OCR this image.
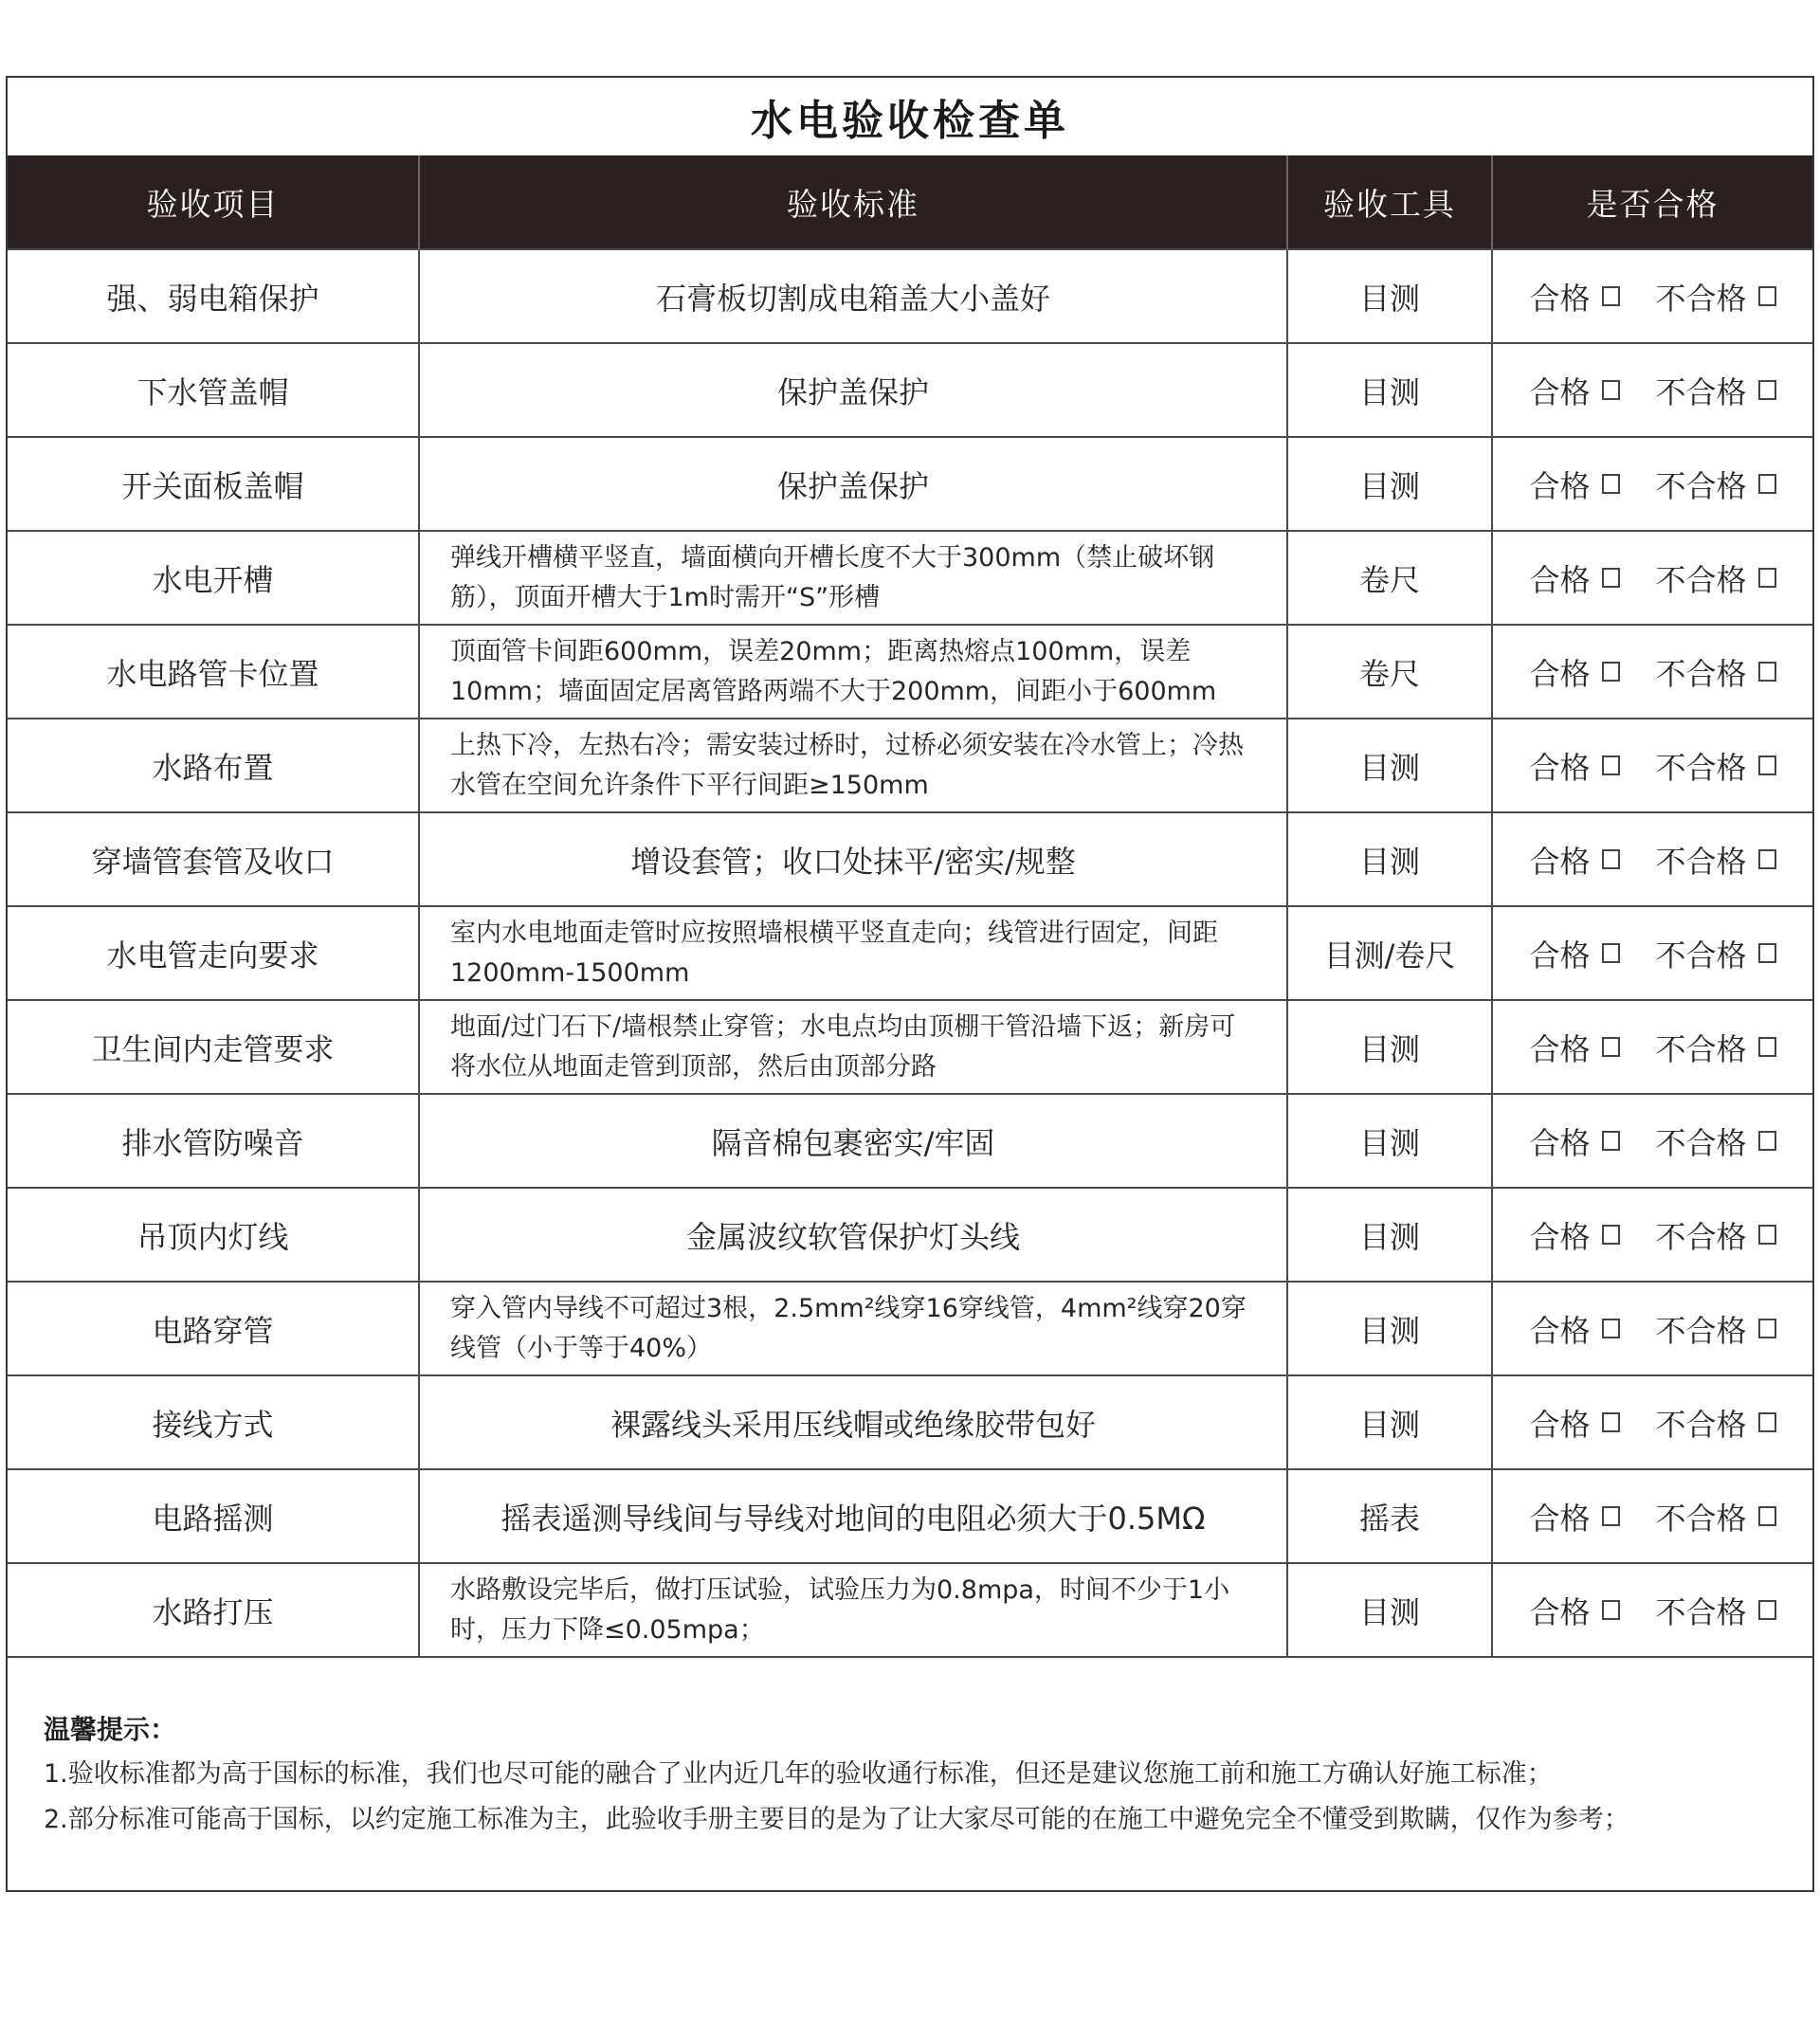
水电验收检查单
验收项目	验收标准	验收工具	是否合格
强、弱电箱保护	石膏板切割成电箱盖大小盖好	目测	合格 不合格

下水管盖帽	保护盖保护	目测	合格 不合格

开关面板盖帽	保护盖保护	目测	合格 不合格

水电开槽	弹线开槽横平竖直，墙面横向开槽长度不大于300mm（禁止破坏钢筋），顶面开槽大于1m时需开“S”形槽	卷尺	合格 不合格

水电路管卡位置	顶面管卡间距600mm，误差20mm；距离热熔点100mm，误差10mm；墙面固定居离管路两端不大于200mm，间距小于600mm	卷尺	合格 不合格

水路布置	上热下冷，左热右冷；需安装过桥时，过桥必须安装在冷水管上；冷热水管在空间允许条件下平行间距≥150mm	目测	合格 不合格

穿墙管套管及收口	增设套管；收口处抹平/密实/规整	目测	合格 不合格

水电管走向要求	室内水电地面走管时应按照墙根横平竖直走向；线管进行固定，间距1200mm-1500mm	目测/卷尺	合格 不合格

卫生间内走管要求	地面/过门石下/墙根禁止穿管；水电点均由顶棚干管沿墙下返；新房可将水位从地面走管到顶部，然后由顶部分路	目测	合格 不合格

排水管防噪音	隔音棉包裹密实/牢固	目测	合格 不合格

吊顶内灯线	金属波纹软管保护灯头线	目测	合格 不合格

电路穿管	穿入管内导线不可超过3根，2.5mm²线穿16穿线管，4mm²线穿20穿线管（小于等于40%）	目测	合格 不合格

接线方式	裸露线头采用压线帽或绝缘胶带包好	目测	合格 不合格

电路摇测	摇表遥测导线间与导线对地间的电阻必须大于0.5MΩ	摇表	合格 不合格

水路打压	水路敷设完毕后，做打压试验，试验压力为0.8mpa，时间不少于1小时，压力下降≤0.05mpa；	目测	合格 不合格
温馨提示：
1.验收标准都为高于国标的标准，我们也尽可能的融合了业内近几年的验收通行标准，但还是建议您施工前和施工方确认好施工标准；
2.部分标准可能高于国标，以约定施工标准为主，此验收手册主要目的是为了让大家尽可能的在施工中避免完全不懂受到欺瞒，仅作为参考；
